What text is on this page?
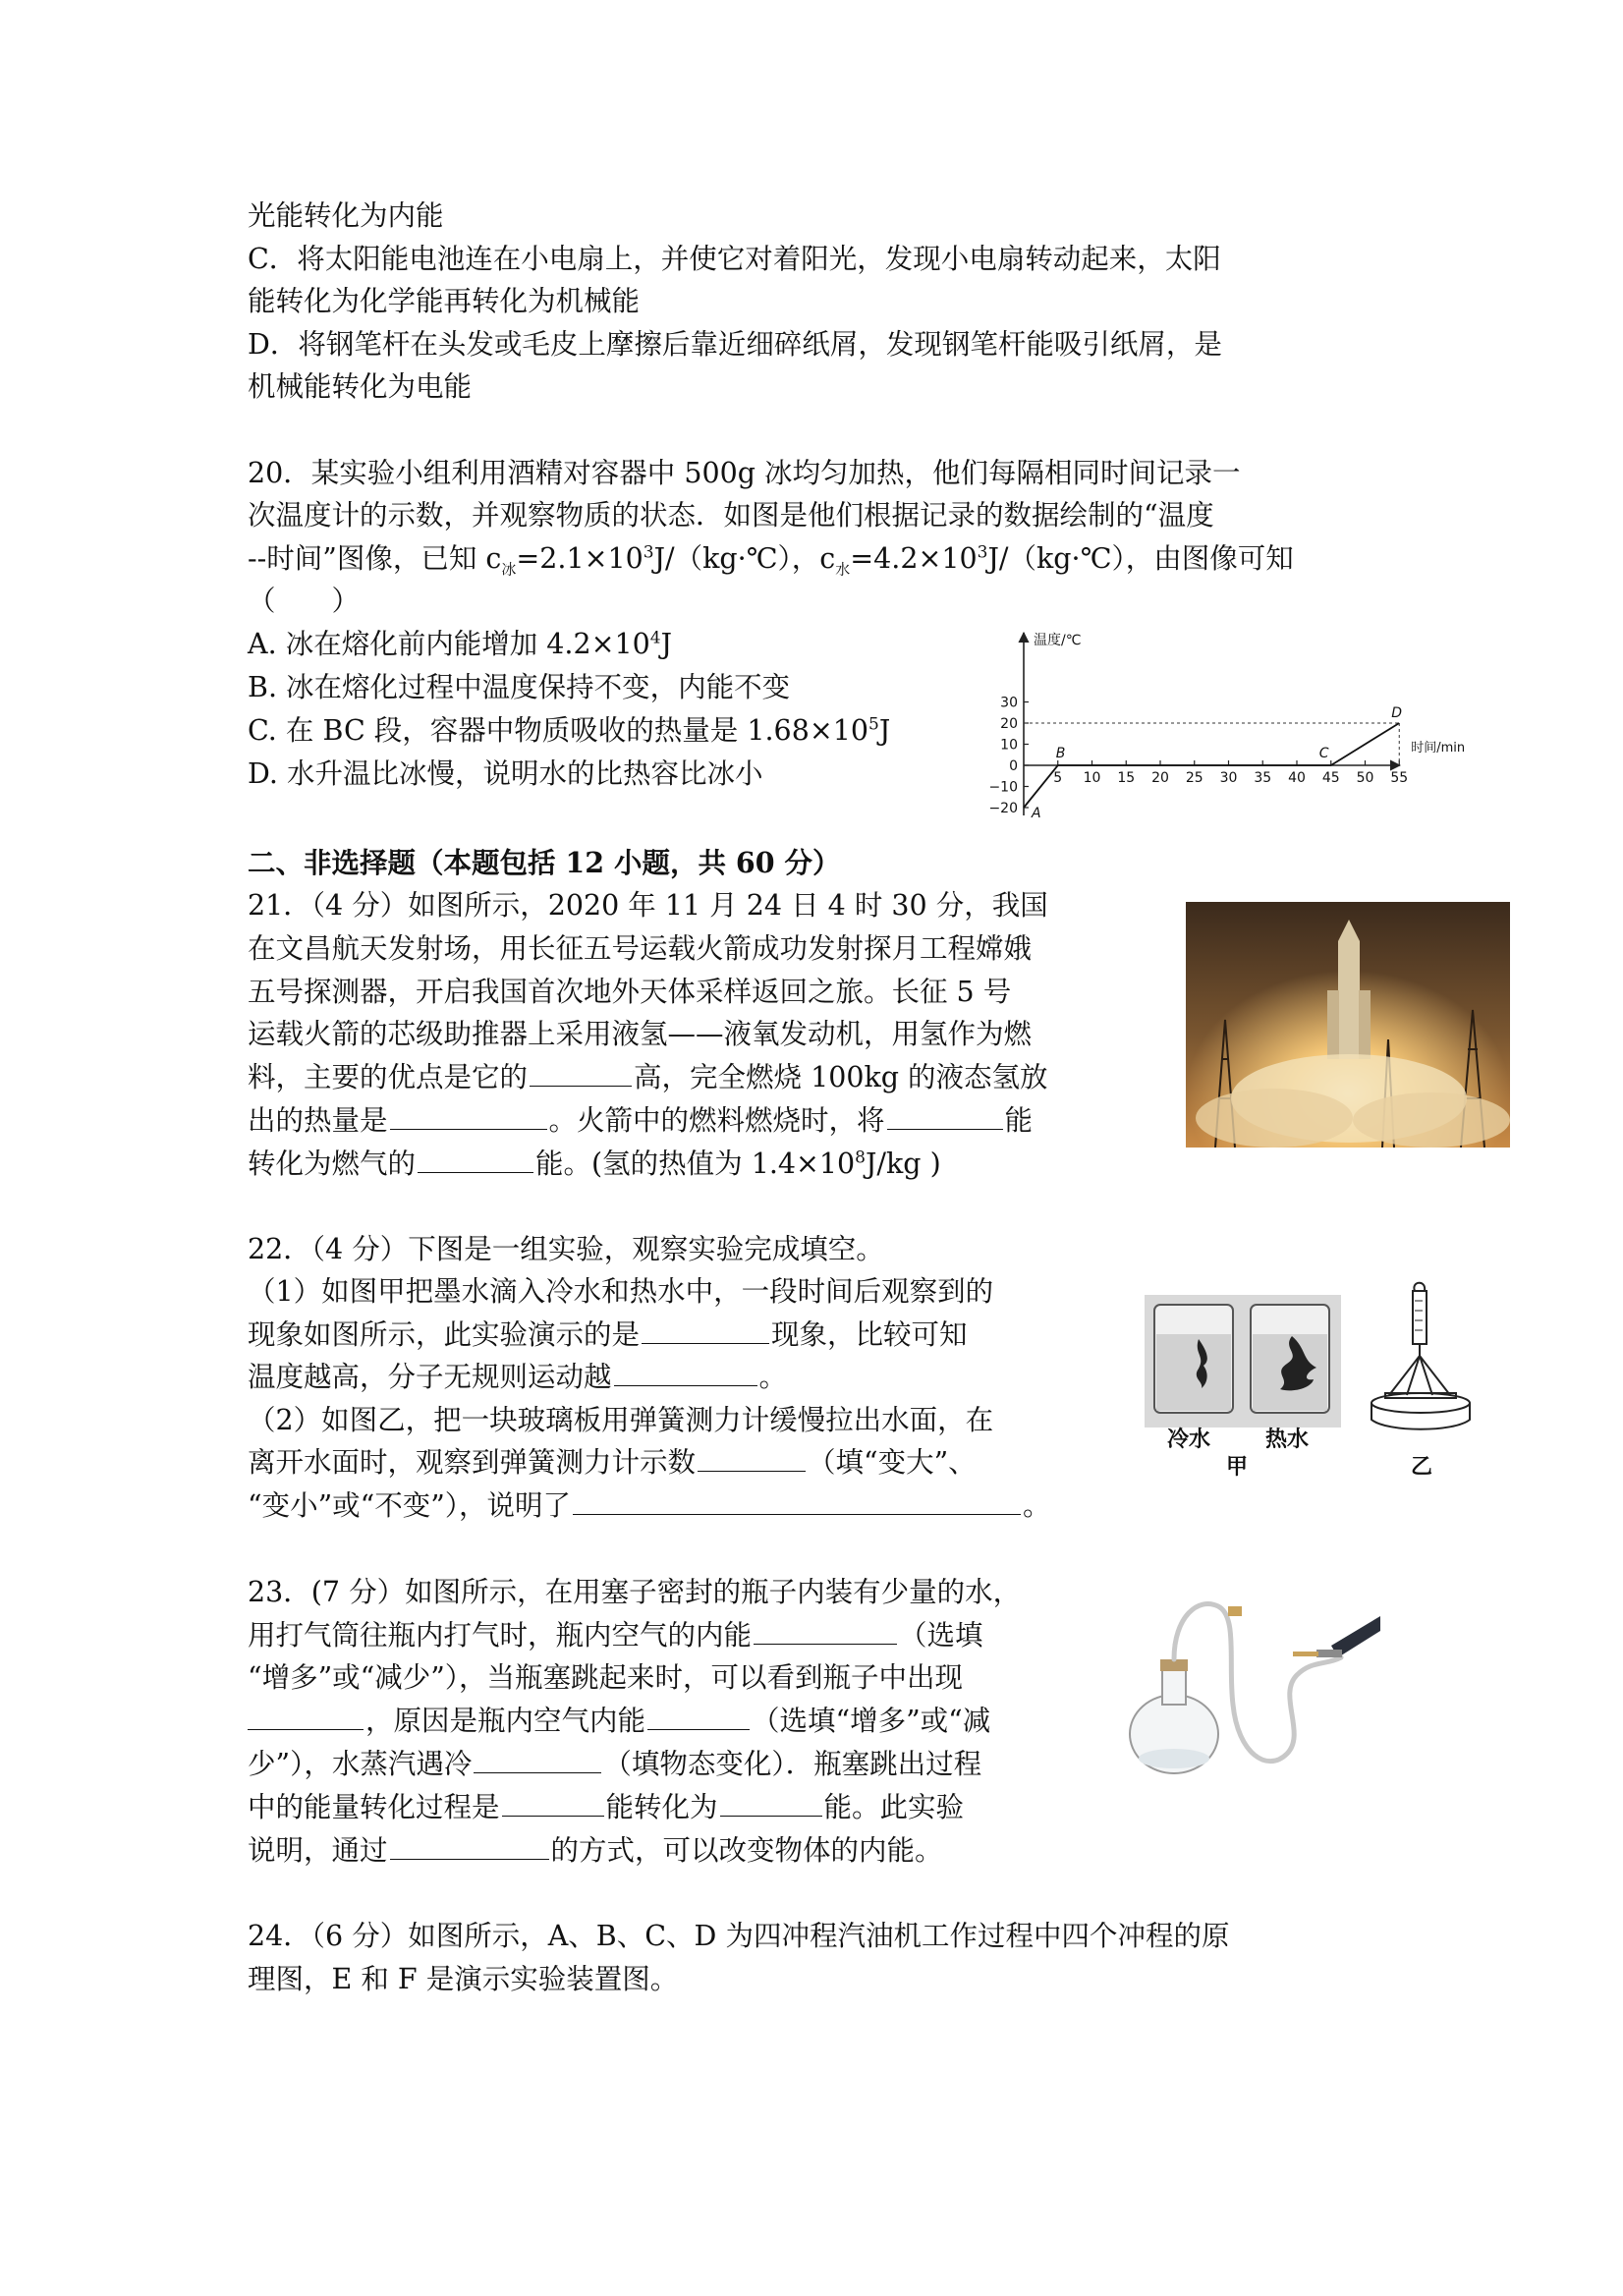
光能转化为内能
C．将太阳能电池连在小电扇上，并使它对着阳光，发现小电扇转动起来，太阳
能转化为化学能再转化为机械能
D．将钢笔杆在头发或毛皮上摩擦后靠近细碎纸屑，发现钢笔杆能吸引纸屑，是
机械能转化为电能
20．某实验小组利用酒精对容器中 500g 冰均匀加热，他们每隔相同时间记录一
次温度计的示数，并观察物质的状态．如图是他们根据记录的数据绘制的“温度
--时间”图像，已知 $c_冰=2.1\times 10^3J/(kg\cdot℃)$，$c_水=4.2\times 10^3J/(kg\cdot℃)$，由图像可知
（　　）
A. 冰在熔化前内能增加 $4.2\times 10^4J$
B. 冰在熔化过程中温度保持不变，内能不变
C. 在 BC 段，容器中物质吸收的热量是 $1.68\times 10^5J$
D. 水升温比冰慢，说明水的比热容比冰小
温度/℃
时间/min
5 10 15 20 25 30 35 40 45 50 55
30
20
10
0
−10
−20 A
B	C
D
二、非选择题（本题包括 12 小题，共 60 分）
21．（4 分）如图所示，2020 年 11 月 24 日 4 时 30 分，我国
在文昌航天发射场，用长征五号运载火箭成功发射探月工程嫦娥
五号探测器，开启我国首次地外天体采样返回之旅。长征 5 号
运载火箭的芯级助推器上采用液氢——液氧发动机，用氢作为燃
料，主要的优点是它的	高，完全燃烧 100kg 的液态氢放
出的热量是	。火箭中的燃料燃烧时，将	能
转化为燃气的	能。(氢的热值为 $1.4\times 10^8J/kg$ )
22．（4 分）下图是一组实验，观察实验完成填空。
（1）如图甲把墨水滴入冷水和热水中，一段时间后观察到的
现象如图所示，此实验演示的是	现象，比较可知
温度越高，分子无规则运动越	。
（2）如图乙，把一块玻璃板用弹簧测力计缓慢拉出水面，在
离开水面时，观察到弹簧测力计示数	（填“变大”、
“变小”或“不变”），说明了	。
冷水	热水
甲	乙
23．(7 分）如图所示，在用塞子密封的瓶子内装有少量的水，
用打气筒往瓶内打气时，瓶内空气的内能	（选填
“增多”或“减少”），当瓶塞跳起来时，可以看到瓶子中出现
，原因是瓶内空气内能	（选填“增多”或“减
少”），水蒸汽遇冷	（填物态变化）．瓶塞跳出过程
中的能量转化过程是	能转化为	能。此实验
说明，通过	的方式，可以改变物体的内能。
24．（6 分）如图所示，A、B、C、D 为四冲程汽油机工作过程中四个冲程的原
理图，E 和 F 是演示实验装置图。
